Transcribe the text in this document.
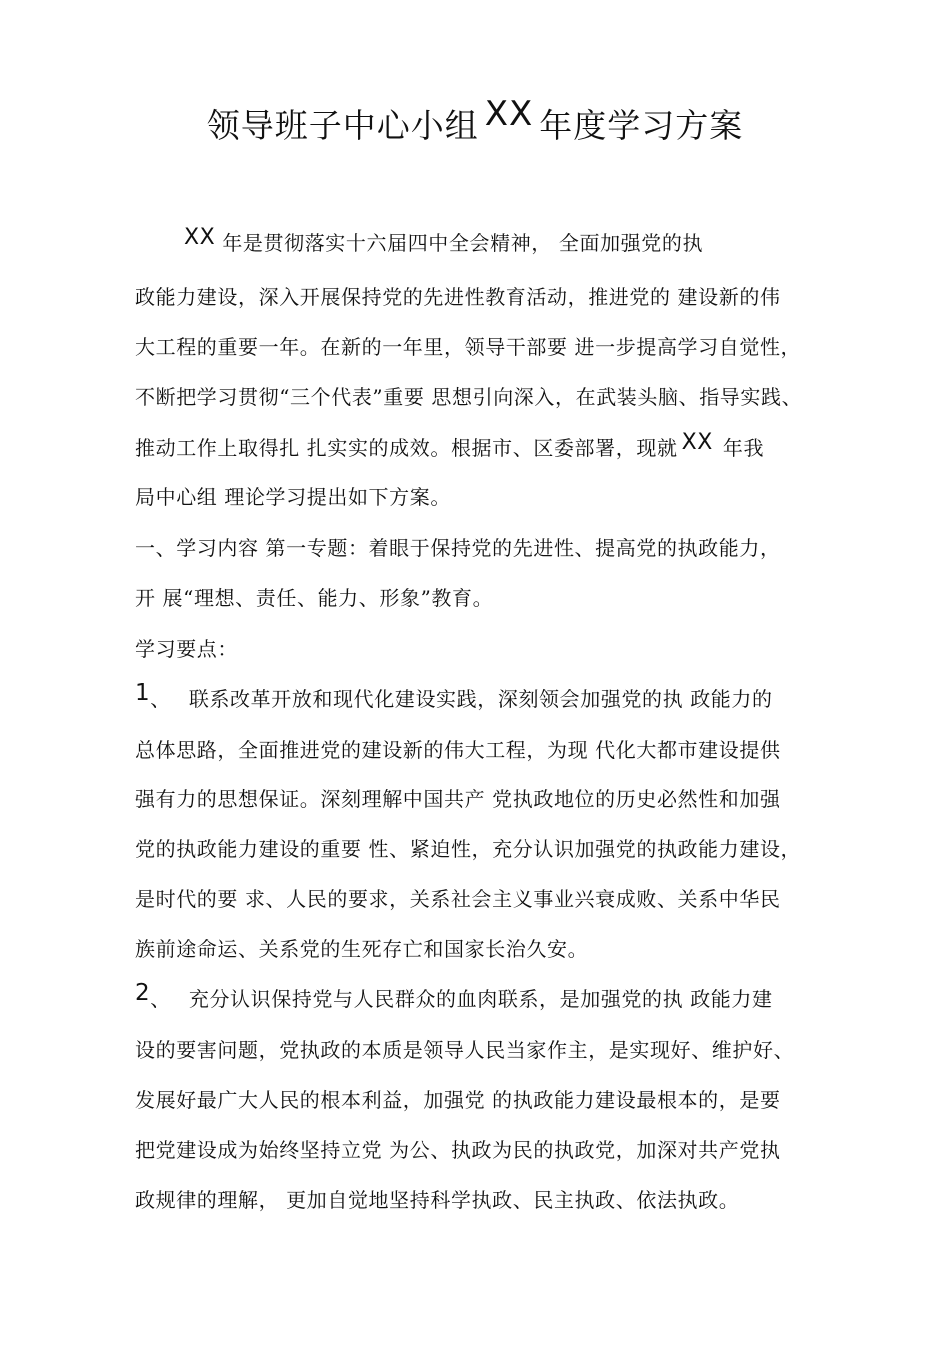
领导班子中心小组 XX 年度学习方案
XX 年是贯彻落实十六届四中全会精神， 全面加强党的执
政能力建设，深入开展保持党的先进性教育活动，推进党的 建设新的伟
大工程的重要一年。在新的一年里，领导干部要 进一步提高学习自觉性，
不断把学习贯彻“三个代表”重要 思想引向深入，在武装头脑、指导实践、
推动工作上取得扎 扎实实的成效。根据市、区委部署，现就 XX 年我
局中心组 理论学习提出如下方案。
一、学习内容 第一专题：着眼于保持党的先进性、提高党的执政能力，
开 展“理想、责任、能力、形象”教育。
学习要点：
1、 联系改革开放和现代化建设实践，深刻领会加强党的执 政能力的
总体思路，全面推进党的建设新的伟大工程，为现 代化大都市建设提供
强有力的思想保证。深刻理解中国共产 党执政地位的历史必然性和加强
党的执政能力建设的重要 性、紧迫性，充分认识加强党的执政能力建设，
是时代的要 求、人民的要求，关系社会主义事业兴衰成败、关系中华民
族前途命运、关系党的生死存亡和国家长治久安。
2、 充分认识保持党与人民群众的血肉联系，是加强党的执 政能力建
设的要害问题，党执政的本质是领导人民当家作主，是实现好、维护好、
发展好最广大人民的根本利益，加强党 的执政能力建设最根本的，是要
把党建设成为始终坚持立党 为公、执政为民的执政党，加深对共产党执
政规律的理解， 更加自觉地坚持科学执政、民主执政、依法执政。
